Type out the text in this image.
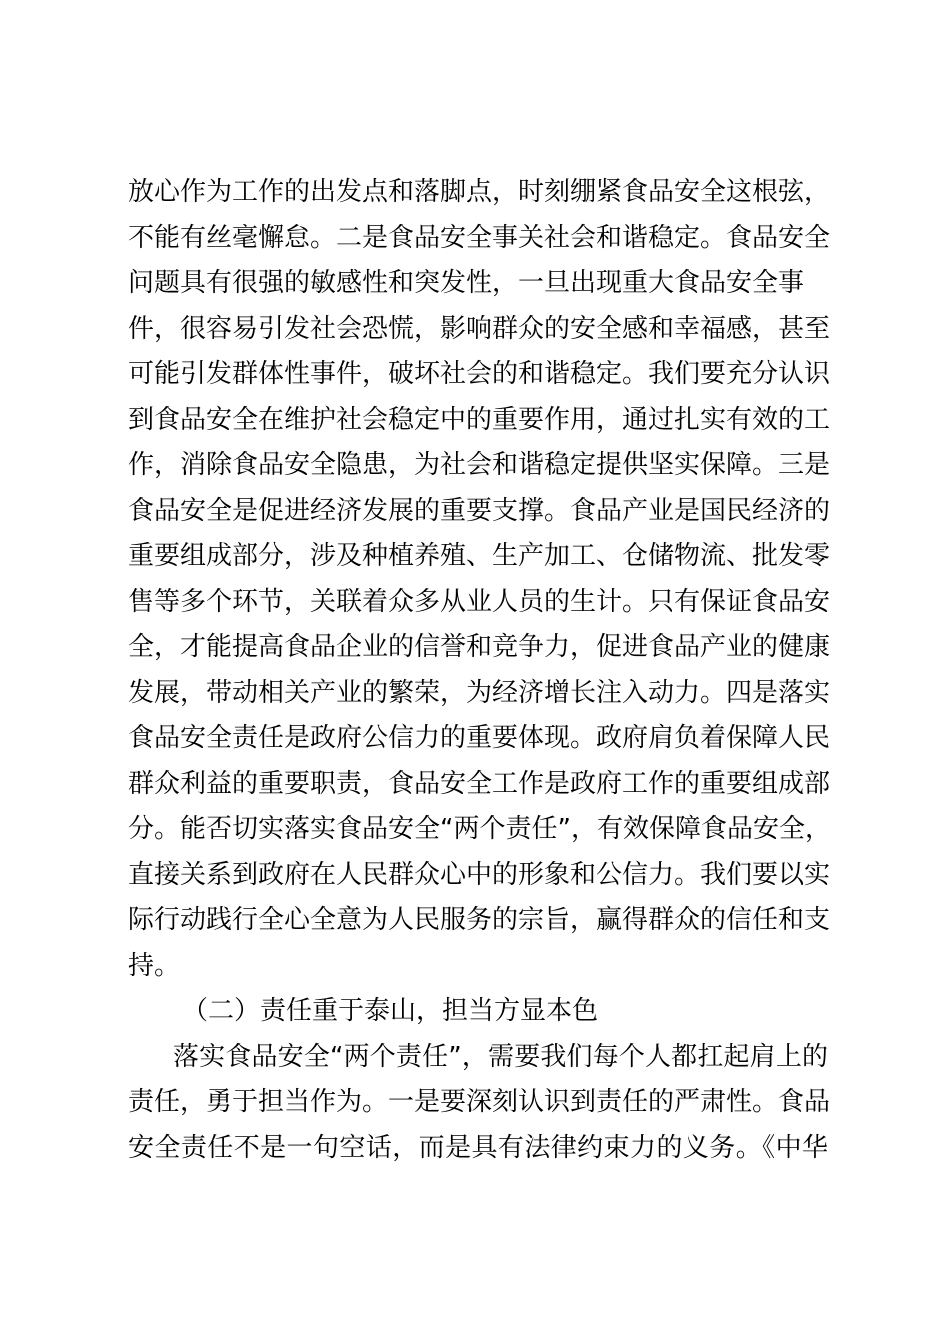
放心作为工作的出发点和落脚点，时刻绷紧食品安全这根弦，
不能有丝毫懈怠。二是食品安全事关社会和谐稳定。食品安全
问题具有很强的敏感性和突发性，一旦出现重大食品安全事
件，很容易引发社会恐慌，影响群众的安全感和幸福感，甚至
可能引发群体性事件，破坏社会的和谐稳定。我们要充分认识
到食品安全在维护社会稳定中的重要作用，通过扎实有效的工
作，消除食品安全隐患，为社会和谐稳定提供坚实保障。三是
食品安全是促进经济发展的重要支撑。食品产业是国民经济的
重要组成部分，涉及种植养殖、生产加工、仓储物流、批发零
售等多个环节，关联着众多从业人员的生计。只有保证食品安
全，才能提高食品企业的信誉和竞争力，促进食品产业的健康
发展，带动相关产业的繁荣，为经济增长注入动力。四是落实
食品安全责任是政府公信力的重要体现。政府肩负着保障人民
群众利益的重要职责，食品安全工作是政府工作的重要组成部
分。能否切实落实食品安全“两个责任”，有效保障食品安全，
直接关系到政府在人民群众心中的形象和公信力。我们要以实
际行动践行全心全意为人民服务的宗旨，赢得群众的信任和支
持。
（二）责任重于泰山，担当方显本色
落实食品安全“两个责任”，需要我们每个人都扛起肩上的
责任，勇于担当作为。一是要深刻认识到责任的严肃性。食品
安全责任不是一句空话，而是具有法律约束力的义务。《中华
